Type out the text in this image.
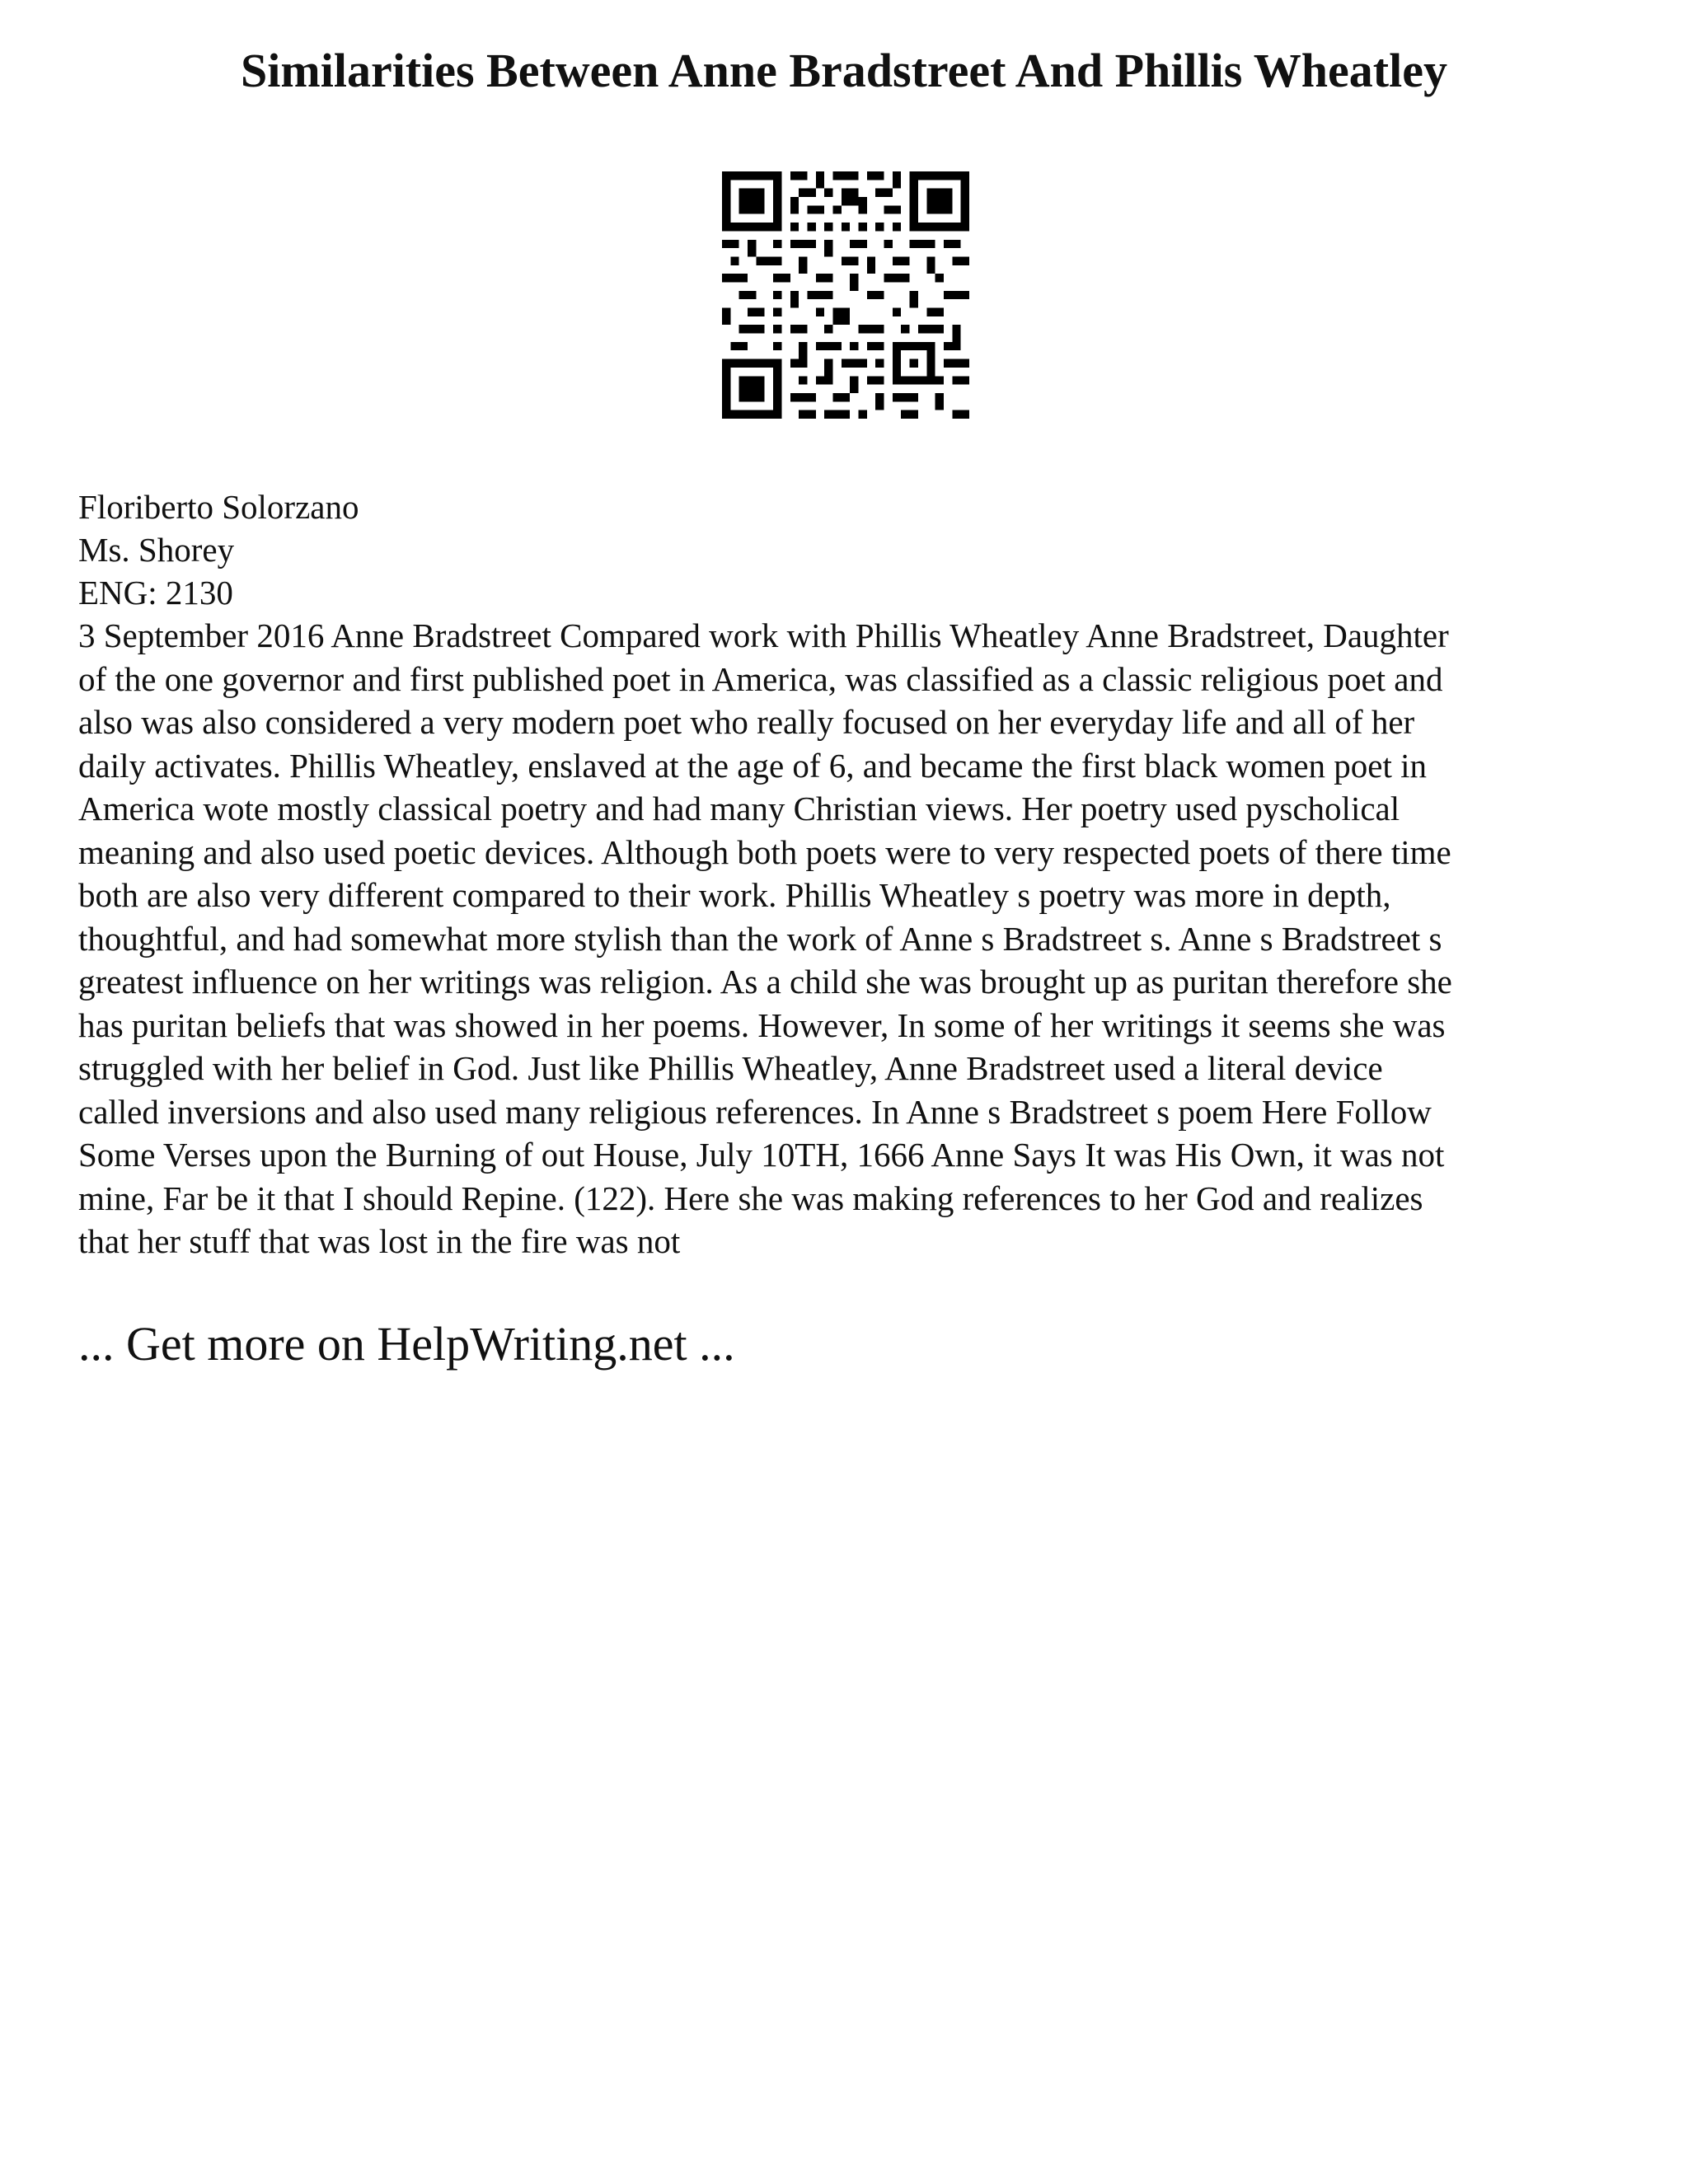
Similarities Between Anne Bradstreet And Phillis Wheatley
Floriberto Solorzano
Ms. Shorey
ENG: 2130
3 September 2016 Anne Bradstreet Compared work with Phillis Wheatley Anne Bradstreet, Daughter
of the one governor and first published poet in America, was classified as a classic religious poet and
also was also considered a very modern poet who really focused on her everyday life and all of her
daily activates. Phillis Wheatley, enslaved at the age of 6, and became the first black women poet in
America wote mostly classical poetry and had many Christian views. Her poetry used pyscholical
meaning and also used poetic devices. Although both poets were to very respected poets of there time
both are also very different compared to their work. Phillis Wheatley s poetry was more in depth,
thoughtful, and had somewhat more stylish than the work of Anne s Bradstreet s. Anne s Bradstreet s
greatest influence on her writings was religion. As a child she was brought up as puritan therefore she
has puritan beliefs that was showed in her poems. However, In some of her writings it seems she was
struggled with her belief in God. Just like Phillis Wheatley, Anne Bradstreet used a literal device
called inversions and also used many religious references. In Anne s Bradstreet s poem Here Follow
Some Verses upon the Burning of out House, July 10TH, 1666 Anne Says It was His Own, it was not
mine, Far be it that I should Repine. (122). Here she was making references to her God and realizes
that her stuff that was lost in the fire was not
... Get more on HelpWriting.net ...
